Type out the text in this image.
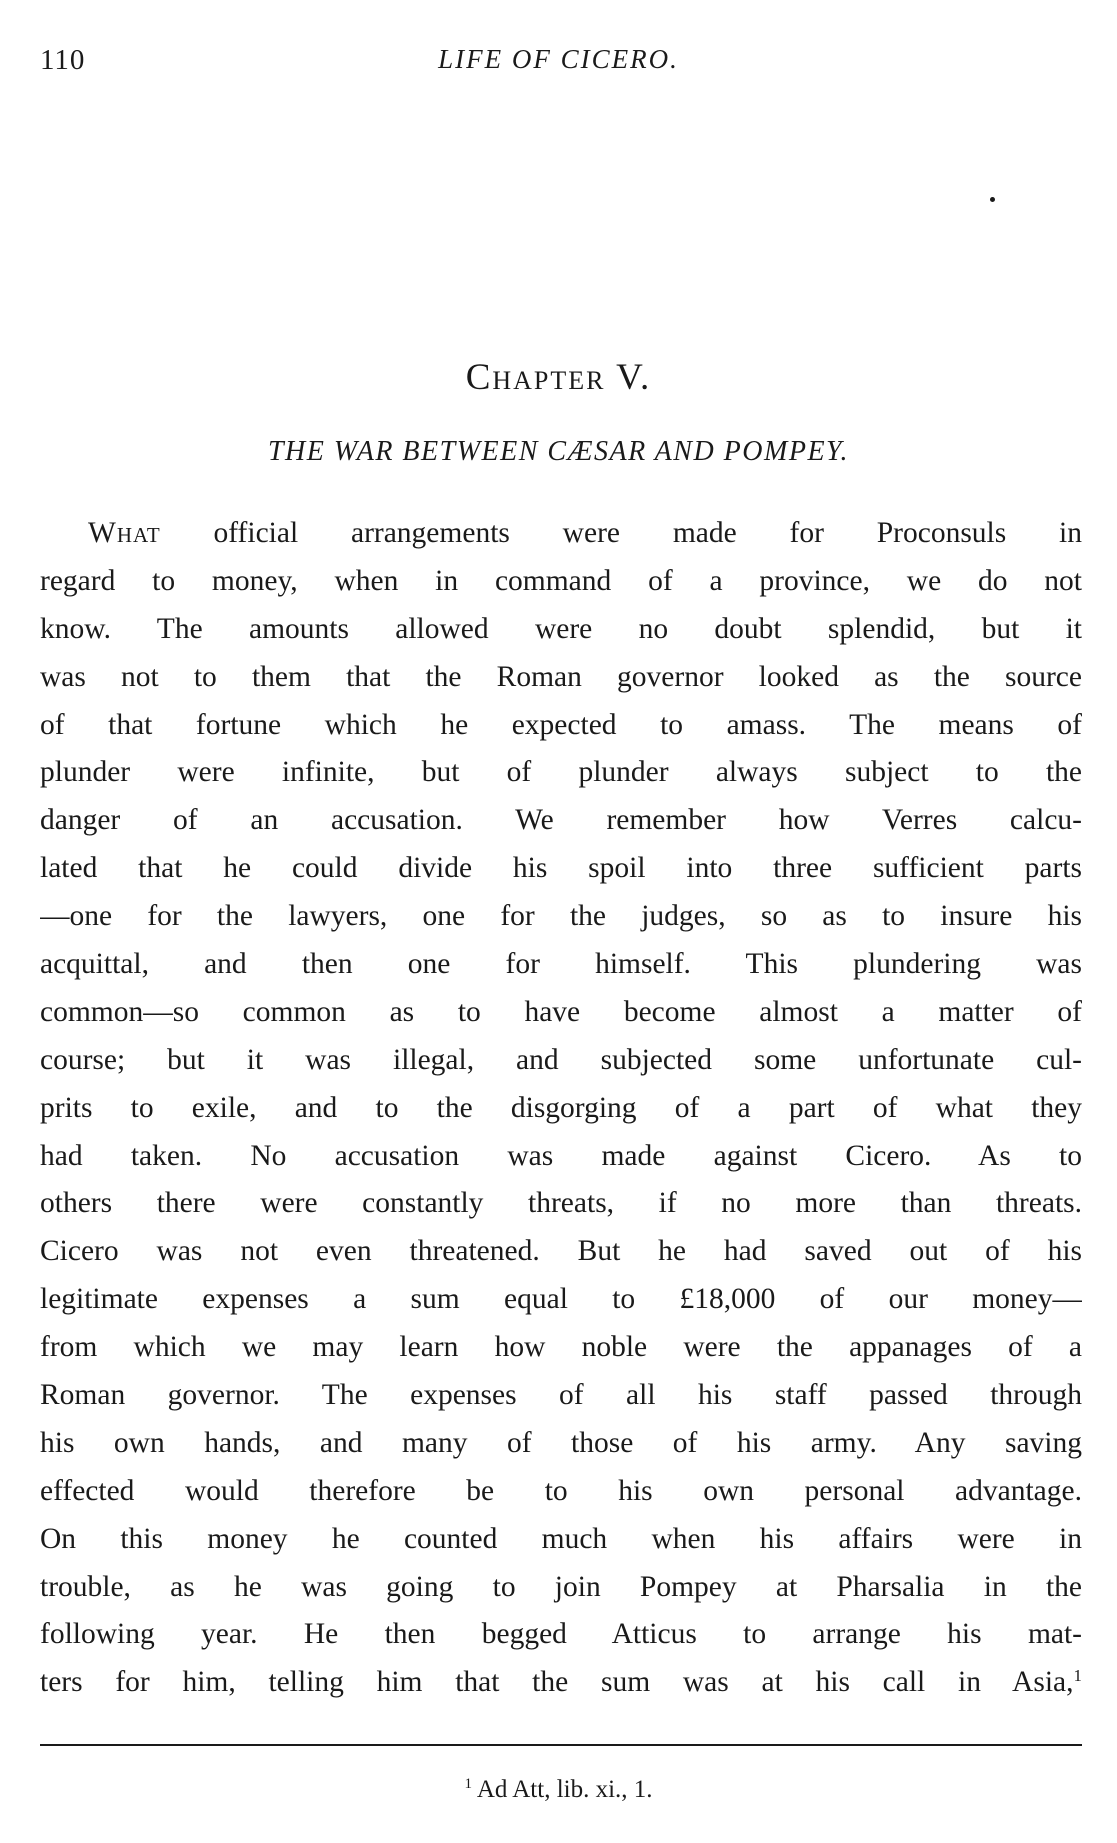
110	LIFE OF CICERO.
Chapter V.
THE WAR BETWEEN CÆSAR AND POMPEY.
What official arrangements were made for Proconsuls in
regard to money, when in command of a province, we do not
know. The amounts allowed were no doubt splendid, but it
was not to them that the Roman governor looked as the source
of that fortune which he expected to amass. The means of
plunder were infinite, but of plunder always subject to the
danger of an accusation. We remember how Verres calcu-
lated that he could divide his spoil into three sufficient parts
—one for the lawyers, one for the judges, so as to insure his
acquittal, and then one for himself. This plundering was
common—so common as to have become almost a matter of
course; but it was illegal, and subjected some unfortunate cul-
prits to exile, and to the disgorging of a part of what they
had taken. No accusation was made against Cicero. As to
others there were constantly threats, if no more than threats.
Cicero was not even threatened. But he had saved out of his
legitimate expenses a sum equal to £18,000 of our money—
from which we may learn how noble were the appanages of a
Roman governor. The expenses of all his staff passed through
his own hands, and many of those of his army. Any saving
effected would therefore be to his own personal advantage.
On this money he counted much when his affairs were in
trouble, as he was going to join Pompey at Pharsalia in the
following year. He then begged Atticus to arrange his mat-
ters for him, telling him that the sum was at his call in Asia,$^1$
$^1$ Ad Att, lib. xi., 1.
